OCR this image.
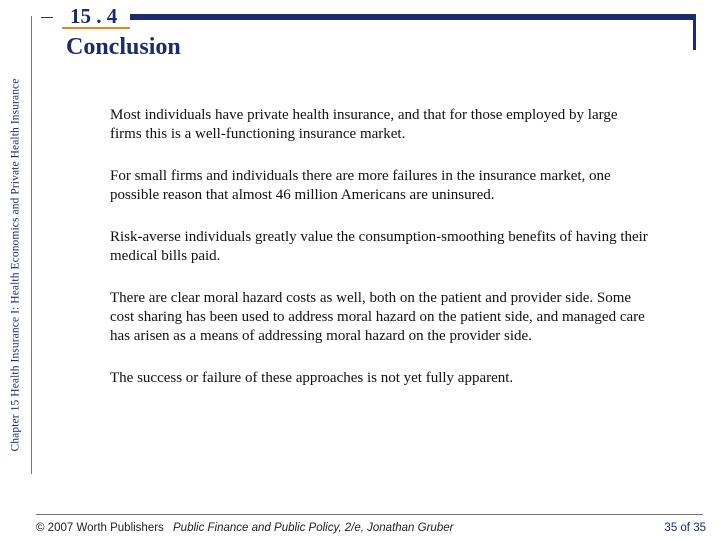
Chapter 15 Health Insurance I: Health Economics and Private Health Insurance
15 . 4
Conclusion

Most individuals have private health insurance, and that for those employed by large firms this is a well-functioning insurance market.

For small firms and individuals there are more failures in the insurance market, one possible reason that almost 46 million Americans are uninsured.

Risk-averse individuals greatly value the consumption-smoothing benefits of having their medical bills paid.

There are clear moral hazard costs as well, both on the patient and provider side. Some cost sharing has been used to address moral hazard on the patient side, and managed care has arisen as a means of addressing moral hazard on the provider side.

The success or failure of these approaches is not yet fully apparent.

© 2007 Worth Publishers Public Finance and Public Policy, 2/e, Jonathan Gruber	35 of 35
